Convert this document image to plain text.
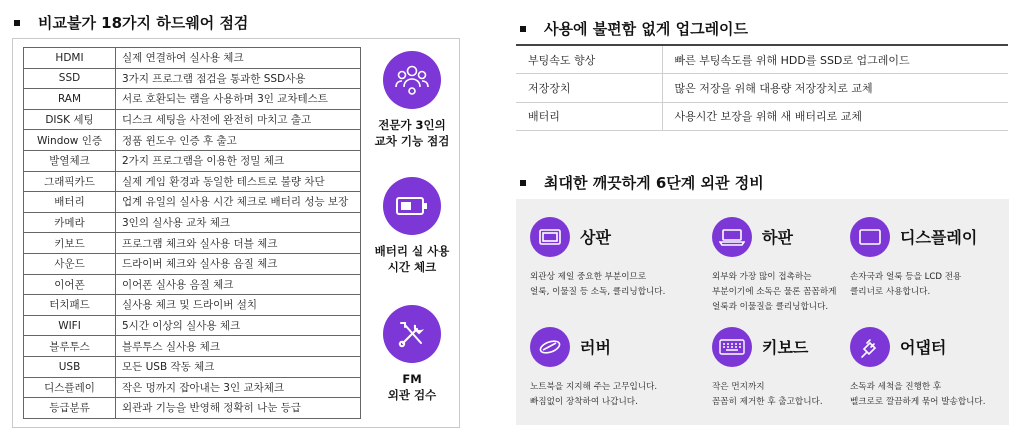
비교불가 18가지 하드웨어 점검
HDMI	실제 연결하여 실사용 체크
SSD	3가지 프로그램 점검을 통과한 SSD사용
RAM	서로 호환되는 램을 사용하며 3인 교차테스트
DISK 세팅	디스크 세팅을 사전에 완전히 마치고 출고
Window 인증	정품 윈도우 인증 후 출고
발열체크	2가지 프로그램을 이용한 정밀 체크
그래픽카드	실제 게임 환경과 동일한 테스트로 불량 차단
배터리	업계 유일의 실사용 시간 체크로 배터리 성능 보장
카메라	3인의 실사용 교차 체크
키보드	프로그램 체크와 실사용 더블 체크
사운드	드라이버 체크와 실사용 음질 체크
이어폰	이어폰 실사용 음질 체크
터치패드	실사용 체크 및 드라이버 설치
WIFI	5시간 이상의 실사용 체크
블루투스	블루투스 실사용 체크
USB	모든 USB 작동 체크
디스플레이	작은 멍까지 잡아내는 3인 교차체크
등급분류	외관과 기능을 반영해 정확히 나눈 등급
전문가 3인의
교차 기능 점검
배터리 실 사용
시간 체크
FM
외관 검수
사용에 불편함 없게 업그레이드
부팅속도 향상	빠른 부팅속도를 위해 HDD를 SSD로 업그레이드
저장장치	많은 저장을 위해 대용량 저장장치로 교체
배터리	사용시간 보장을 위해 새 배터리로 교체
최대한 깨끗하게 6단계 외관 정비
상판
외관상 제일 중요한 부분이므로
얼룩, 이물질 등 소독, 클리닝합니다.
하판
외부와 가장 많이 접촉하는
부분이기에 소독은 물론 꼼꼼하게
얼룩과 이물질을 클리닝합니다.
디스플레이
손자국과 얼룩 등을 LCD 전용
클리너로 사용합니다.
러버
노트북을 지지해 주는 고무입니다.
빠짐없이 장착하여 나갑니다.
키보드
작은 먼지까지
꼼꼼히 제거한 후 출고합니다.
어댑터
소독과 세척을 진행한 후
벨크로로 깔끔하게 묶어 발송합니다.
